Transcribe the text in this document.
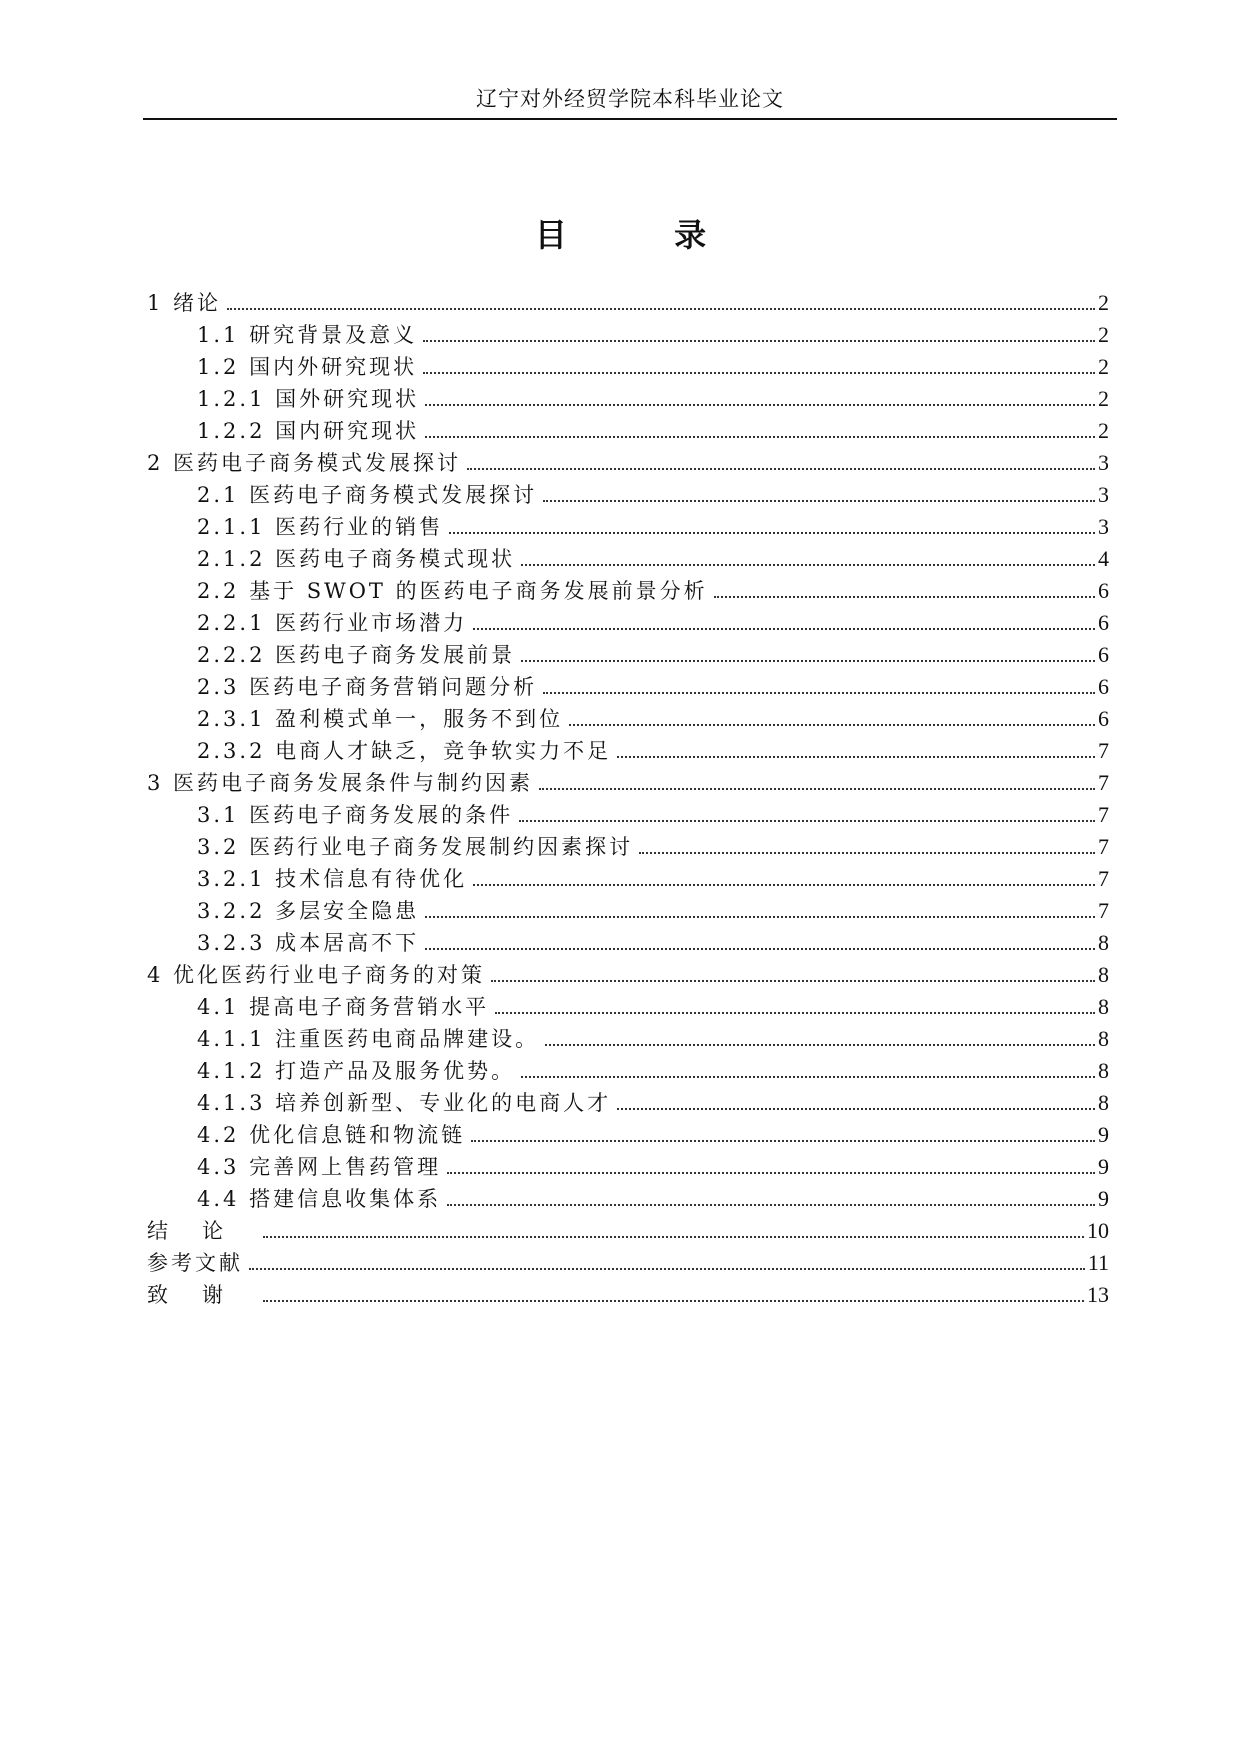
辽宁对外经贸学院本科毕业论文
目 录
1 绪论	2
1.1 研究背景及意义	2
1.2 国内外研究现状	2
1.2.1 国外研究现状	2
1.2.2 国内研究现状	2
2 医药电子商务模式发展探讨	3
2.1 医药电子商务模式发展探讨	3
2.1.1 医药行业的销售	3
2.1.2 医药电子商务模式现状	4
2.2 基于 SWOT 的医药电子商务发展前景分析	6
2.2.1 医药行业市场潜力	6
2.2.2 医药电子商务发展前景	6
2.3 医药电子商务营销问题分析	6
2.3.1 盈利模式单一，服务不到位	6
2.3.2 电商人才缺乏，竞争软实力不足	7
3 医药电子商务发展条件与制约因素	7
3.1 医药电子商务发展的条件	7
3.2 医药行业电子商务发展制约因素探讨	7
3.2.1 技术信息有待优化	7
3.2.2 多层安全隐患	7
3.2.3 成本居高不下	8
4 优化医药行业电子商务的对策	8
4.1 提高电子商务营销水平	8
4.1.1 注重医药电商品牌建设。	8
4.1.2 打造产品及服务优势。	8
4.1.3 培养创新型、专业化的电商人才	8
4.2 优化信息链和物流链	9
4.3 完善网上售药管理	9
4.4 搭建信息收集体系	9
结论	10
参考文献	11
致谢	13
